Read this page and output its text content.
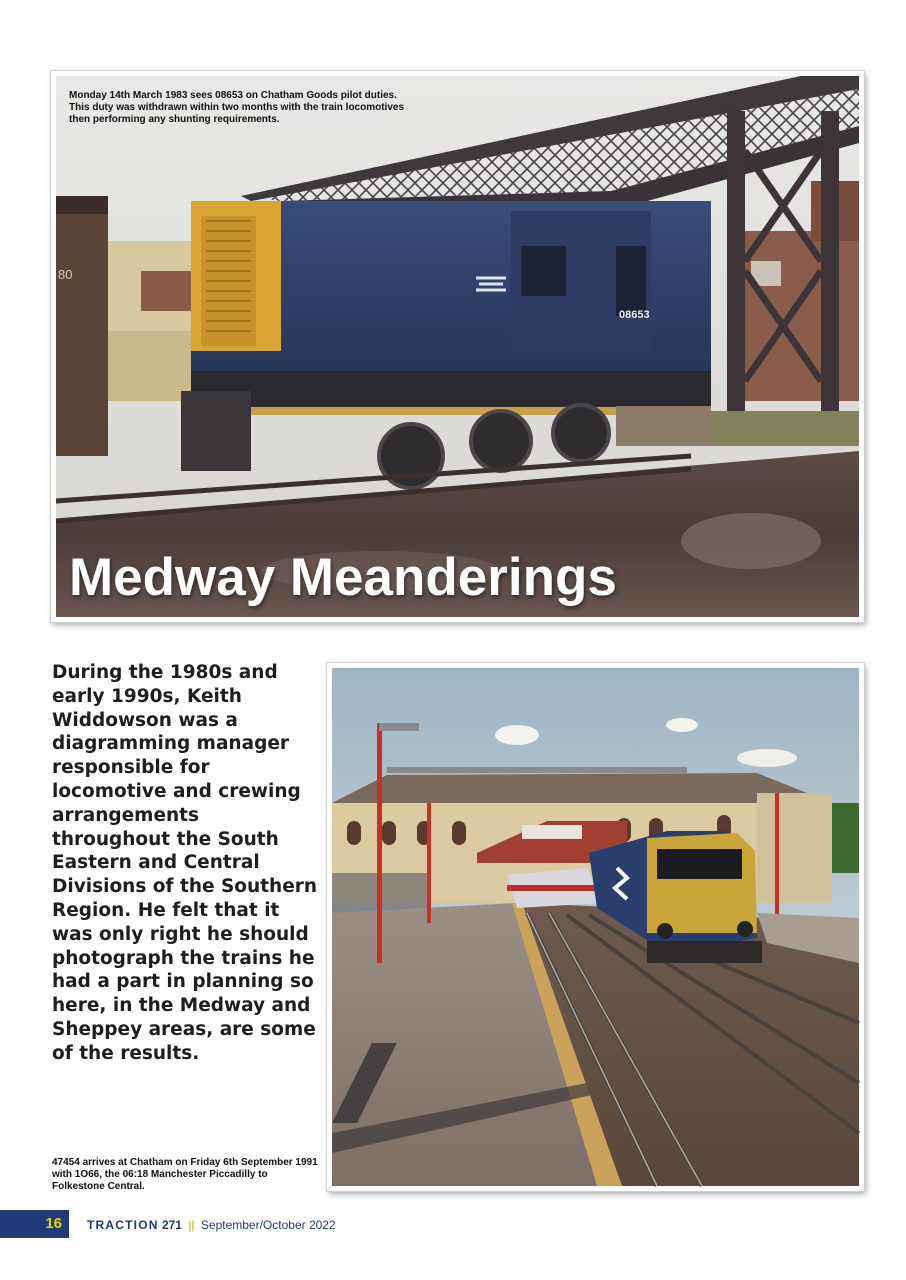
80
08653
Monday 14th March 1983 sees 08653 on Chatham Goods pilot duties. This duty was withdrawn within two months with the train locomotives then performing any shunting requirements.
Medway Meanderings
During the 1980s and early 1990s, Keith Widdowson was a diagramming manager responsible for locomotive and crewing arrangements throughout the South Eastern and Central Divisions of the Southern Region. He felt that it was only right he should photograph the trains he had a part in planning so here, in the Medway and Sheppey areas, are some of the results.
47454 arrives at Chatham on Friday 6th September 1991 with 1O66, the 06:18 Manchester Piccadilly to Folkestone Central.
16	TRACTION 271 || September/October 2022
